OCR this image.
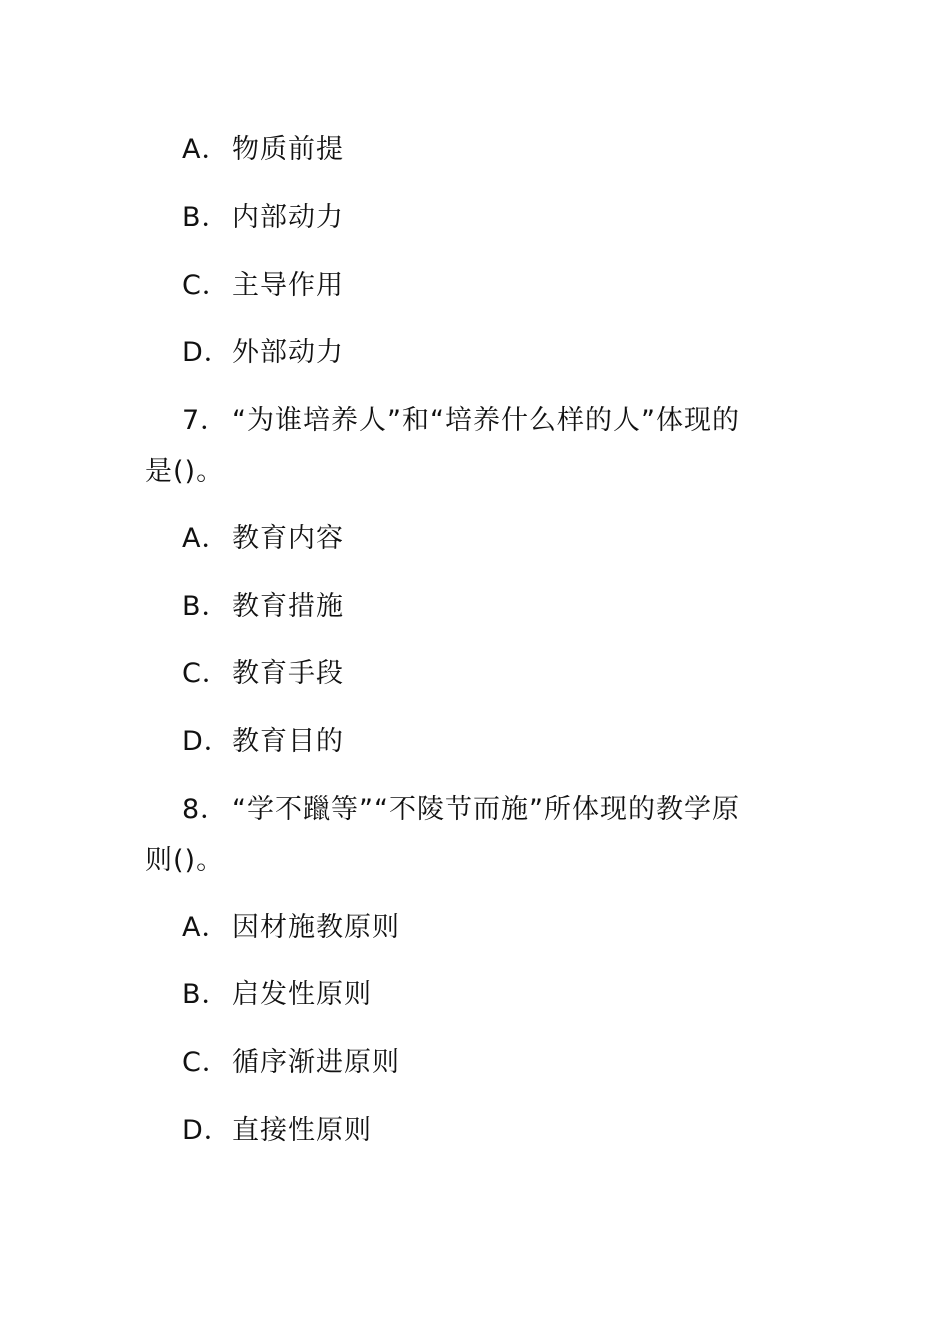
A．物质前提
B．内部动力
C．主导作用
D．外部动力
7． “为谁培养人”和“培养什么样的人”体现的
是()。
A．教育内容
B．教育措施
C．教育手段
D．教育目的
8． “学不躐等”“不陵节而施”所体现的教学原
则()。
A．因材施教原则
B．启发性原则
C．循序渐进原则
D．直接性原则
